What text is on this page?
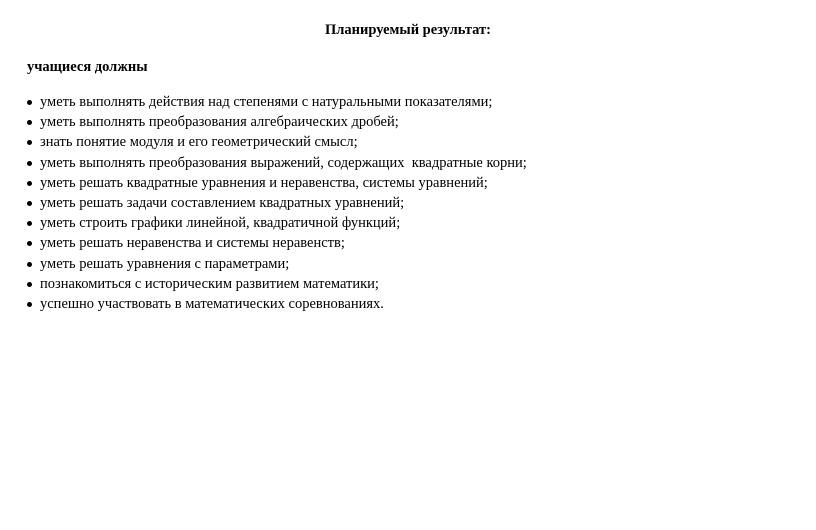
Планируемый результат:
учащиеся должны
уметь выполнять действия над степенями с натуральными показателями;
уметь выполнять преобразования алгебраических дробей;
знать понятие модуля и его геометрический смысл;
уметь выполнять преобразования выражений, содержащих  квадратные корни;
уметь решать квадратные уравнения и неравенства, системы уравнений;
уметь решать задачи составлением квадратных уравнений;
уметь строить графики линейной, квадратичной функций;
уметь решать неравенства и системы неравенств;
уметь решать уравнения с параметрами;
познакомиться с историческим развитием математики;
успешно участвовать в математических соревнованиях.
